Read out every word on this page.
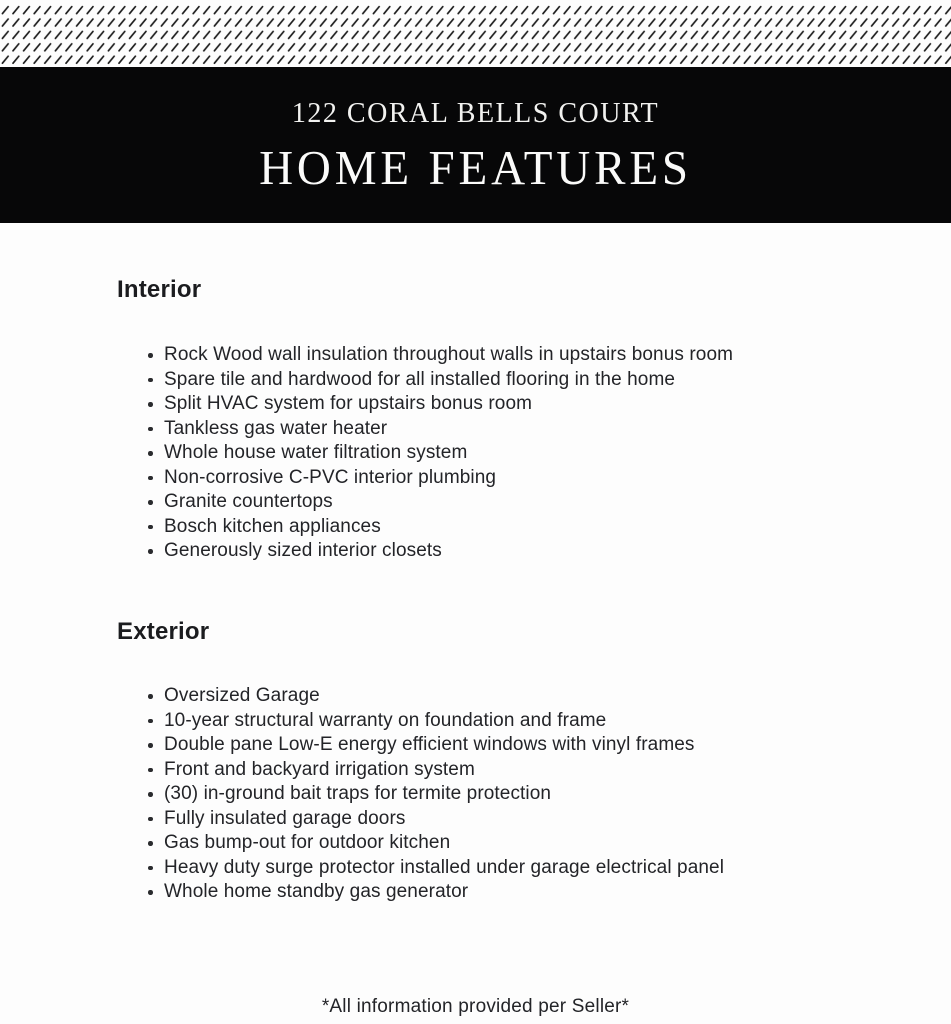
122 CORAL BELLS COURT
HOME FEATURES
Interior
Rock Wood wall insulation throughout walls in upstairs bonus room
Spare tile and hardwood for all installed flooring in the home
Split HVAC system for upstairs bonus room
Tankless gas water heater
Whole house water filtration system
Non-corrosive C-PVC interior plumbing
Granite countertops
Bosch kitchen appliances
Generously sized interior closets
Exterior
Oversized Garage
10-year structural warranty on foundation and frame
Double pane Low-E energy efficient windows with vinyl frames
Front and backyard irrigation system
(30) in-ground bait traps for termite protection
Fully insulated garage doors
Gas bump-out for outdoor kitchen
Heavy duty surge protector installed under garage electrical panel
Whole home standby gas generator
*All information provided per Seller*
